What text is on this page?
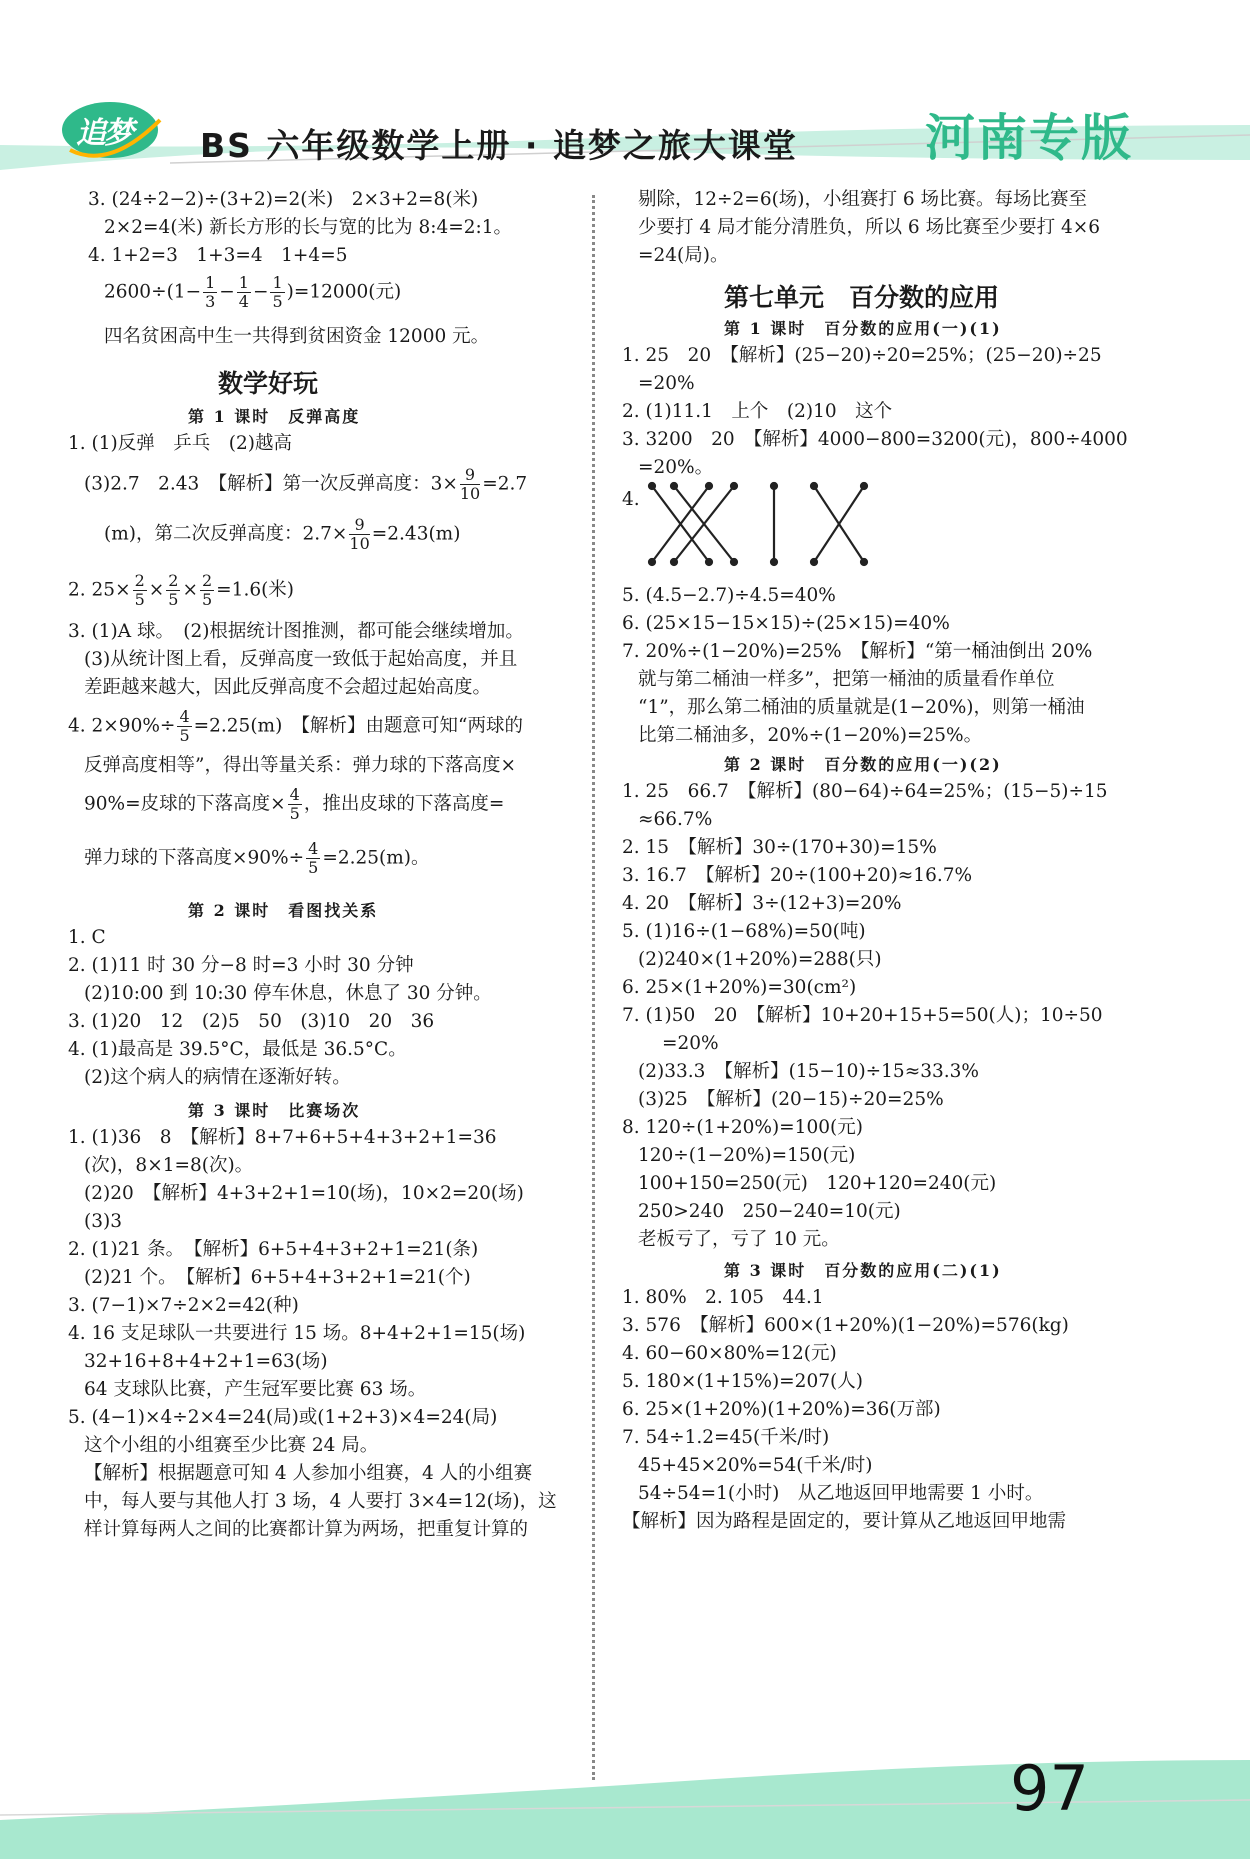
追梦 BS 六年级数学上册 · 追梦之旅大课堂	河南专版
3. (24÷2−2)÷(3+2)=2(米)　2×3+2=8(米)
2×2=4(米) 新长方形的长与宽的比为 8:4=2:1。
4. 1+2=3　1+3=4　1+4=5
$2600\div(1- \frac{1}{3} - \frac{1}{4} - \frac{1}{5} )=12000$(元)
四名贫困高中生一共得到贫困资金 12000 元。
数学好玩
第 1 课时　反弹高度
1. (1)反弹　乒乓　(2)越高
(3)2.7　2.43　【解析】第一次反弹高度：$3\times \frac{9}{10} =2.7$
(m)，第二次反弹高度：$2.7\times \frac{9}{10} =2.43(m)$
2. $25\times \frac{2}{5} \times \frac{2}{5} \times \frac{2}{5} =1.6$(米)
3. (1)A 球。　(2)根据统计图推测，都可能会继续增加。
(3)从统计图上看，反弹高度一致低于起始高度，并且
差距越来越大，因此反弹高度不会超过起始高度。
4. $2\times 90\%\div \frac{4}{5} =2.25(m)$　【解析】由题意可知“两球的
反弹高度相等”，得出等量关系：弹力球的下落高度×
90%=皮球的下落高度× $\frac{4}{5}$ ，推出皮球的下落高度=
弹力球的下落高度$\times 90\%\div \frac{4}{5} =2.25(m)$。
第 2 课时　看图找关系
1. C
2. (1)11 时 30 分−8 时=3 小时 30 分钟
(2)10:00 到 10:30 停车休息，休息了 30 分钟。
3. (1)20　12　(2)5　50　(3)10　20　36
4. (1)最高是 39.5°C，最低是 36.5°C。
(2)这个病人的病情在逐渐好转。
第 3 课时　比赛场次
1. (1)36　8　【解析】8+7+6+5+4+3+2+1=36
(次)，8×1=8(次)。
(2)20　【解析】4+3+2+1=10(场)，10×2=20(场)
(3)3
2. (1)21 条。　【解析】6+5+4+3+2+1=21(条)
(2)21 个。　【解析】6+5+4+3+2+1=21(个)
3. (7−1)×7÷2×2=42(种)
4. 16 支足球队一共要进行 15 场。8+4+2+1=15(场)
32+16+8+4+2+1=63(场)
64 支球队比赛，产生冠军要比赛 63 场。
5. (4−1)×4÷2×4=24(局)或(1+2+3)×4=24(局)
这个小组的小组赛至少比赛 24 局。
【解析】根据题意可知 4 人参加小组赛，4 人的小组赛
中，每人要与其他人打 3 场，4 人要打 3×4=12(场)，这
样计算每两人之间的比赛都计算为两场，把重复计算的
剔除，12÷2=6(场)，小组赛打 6 场比赛。每场比赛至
少要打 4 局才能分清胜负，所以 6 场比赛至少要打 4×6
=24(局)。
第七单元　百分数的应用
第 1 课时　百分数的应用(一)(1)
1. 25　20　【解析】(25−20)÷20=25%；(25−20)÷25
=20%
2. (1)11.1　上个　(2)10　这个
3. 3200　20　【解析】4000−800=3200(元)，800÷4000
=20%。
4.
5. (4.5−2.7)÷4.5=40%
6. (25×15−15×15)÷(25×15)=40%
7. 20%÷(1−20%)=25%　【解析】“第一桶油倒出 20%
就与第二桶油一样多”，把第一桶油的质量看作单位
“1”，那么第二桶油的质量就是(1−20%)，则第一桶油
比第二桶油多，20%÷(1−20%)=25%。
第 2 课时　百分数的应用(一)(2)
1. 25　66.7　【解析】(80−64)÷64=25%；(15−5)÷15
≈66.7%
2. 15　【解析】30÷(170+30)=15%
3. 16.7　【解析】20÷(100+20)≈16.7%
4. 20　【解析】3÷(12+3)=20%
5. (1)16÷(1−68%)=50(吨)
(2)240×(1+20%)=288(只)
6. 25×(1+20%)=30(cm²)
7. (1)50　20　【解析】10+20+15+5=50(人)；10÷50
=20%
(2)33.3　【解析】(15−10)÷15≈33.3%
(3)25　【解析】(20−15)÷20=25%
8. 120÷(1+20%)=100(元)
120÷(1−20%)=150(元)
100+150=250(元)　120+120=240(元)
250>240　250−240=10(元)
老板亏了，亏了 10 元。
第 3 课时　百分数的应用(二)(1)
1. 80%　2. 105　44.1
3. 576　【解析】600×(1+20%)(1−20%)=576(kg)
4. 60−60×80%=12(元)
5. 180×(1+15%)=207(人)
6. 25×(1+20%)(1+20%)=36(万部)
7. 54÷1.2=45(千米/时)
45+45×20%=54(千米/时)
54÷54=1(小时)　从乙地返回甲地需要 1 小时。
【解析】因为路程是固定的，要计算从乙地返回甲地需
97
